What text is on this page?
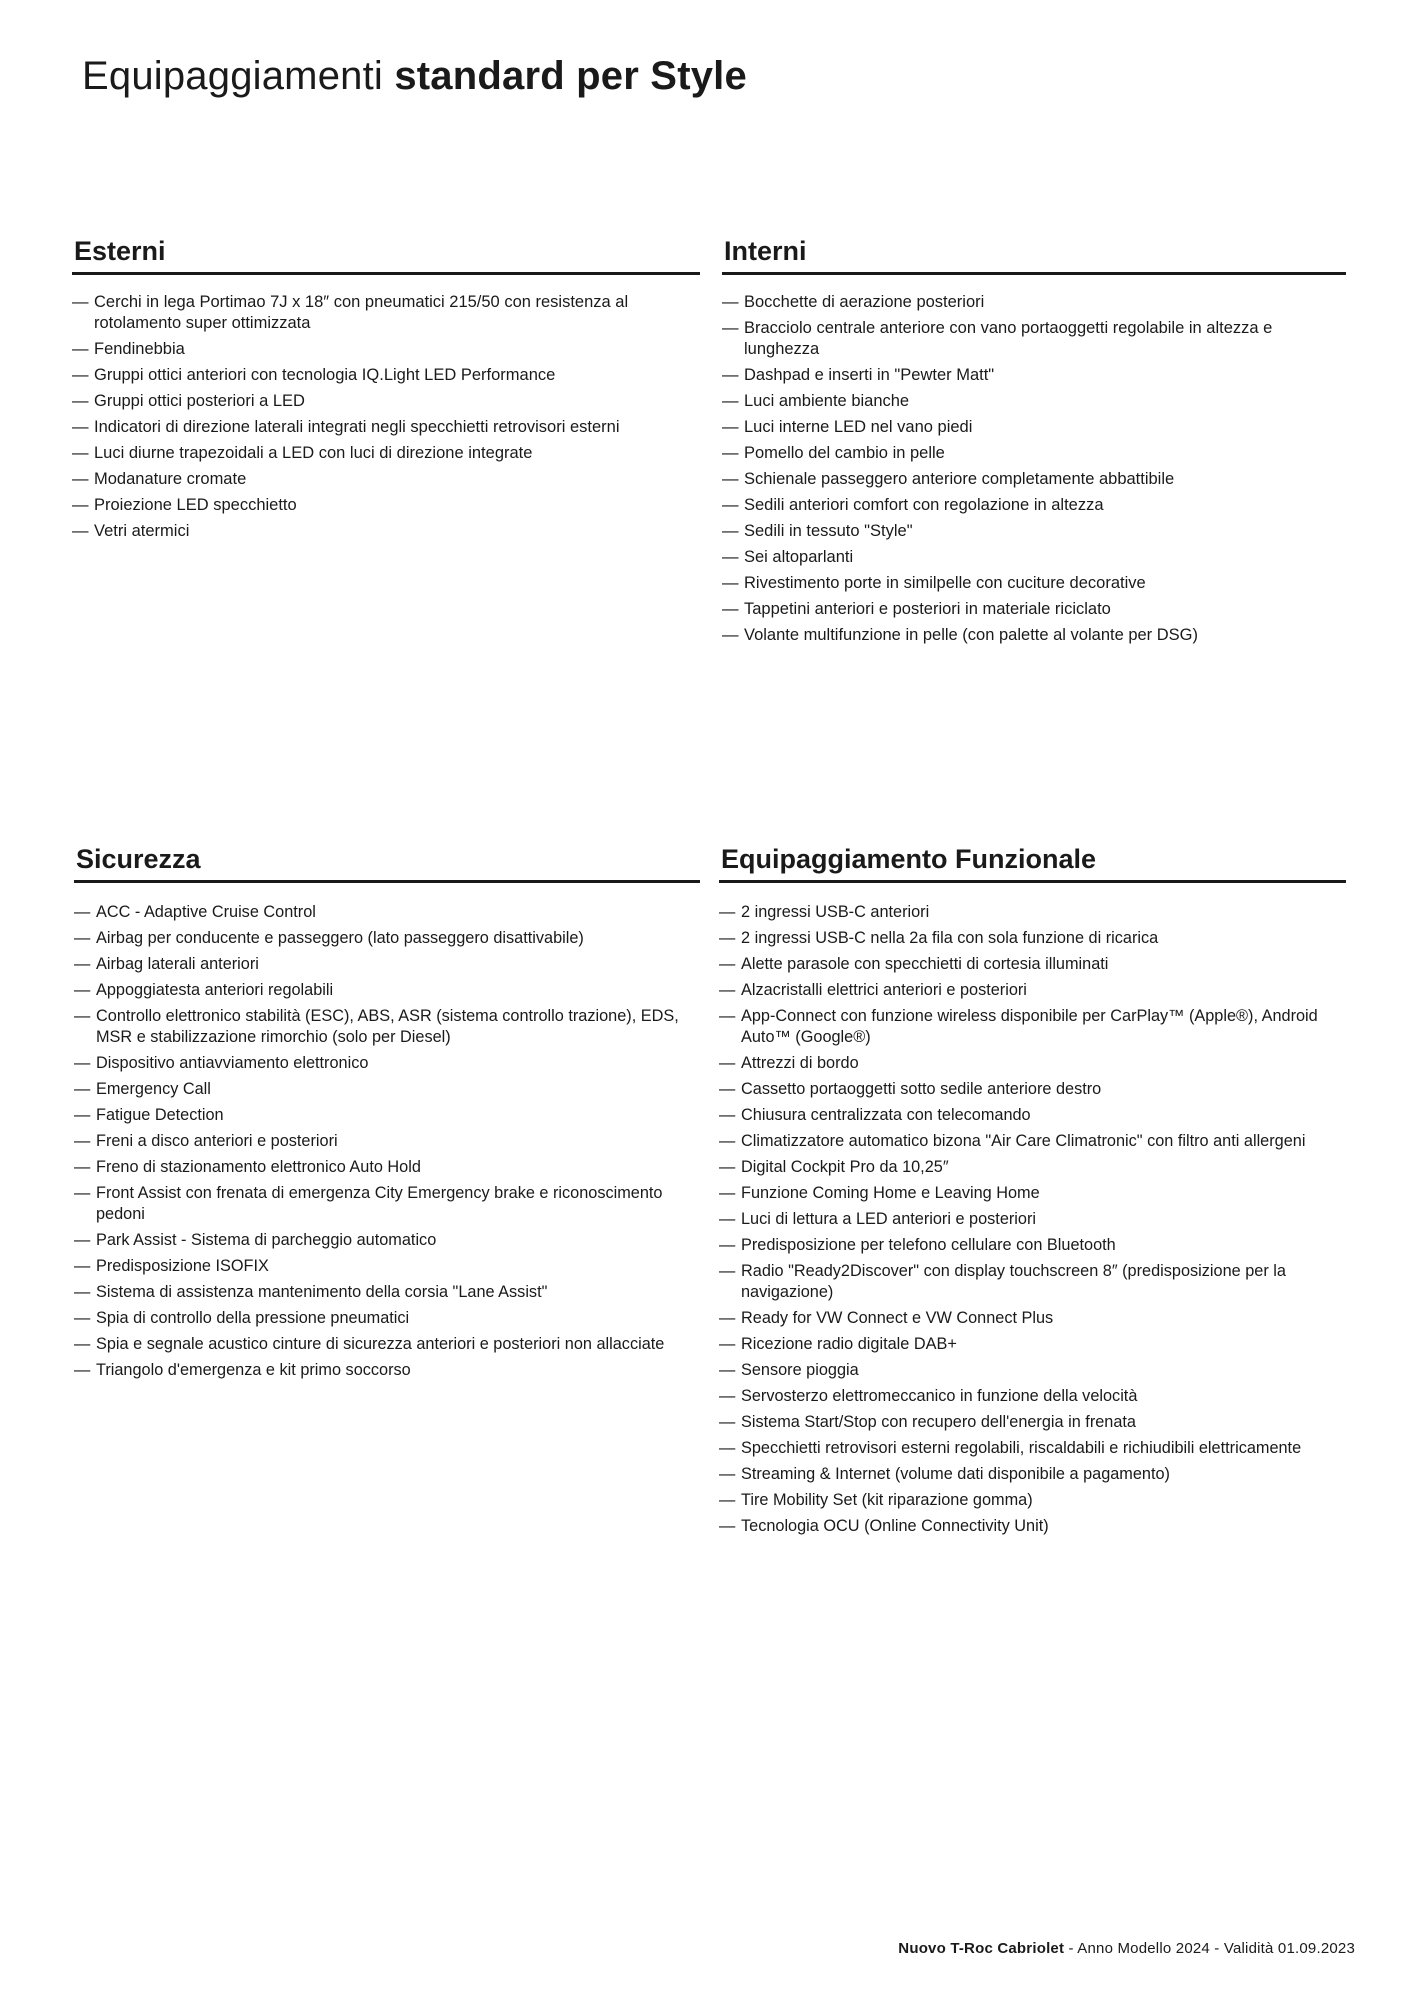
Equipaggiamenti standard per Style
Esterni
— Cerchi in lega Portimao 7J x 18″ con pneumatici 215/50 con resistenza al rotolamento super ottimizzata
— Fendinebbia
— Gruppi ottici anteriori con tecnologia IQ.Light LED Performance
— Gruppi ottici posteriori a LED
— Indicatori di direzione laterali integrati negli specchietti retrovisori esterni
— Luci diurne trapezoidali a LED con luci di direzione integrate
— Modanature cromate
— Proiezione LED specchietto
— Vetri atermici
Interni
— Bocchette di aerazione posteriori
— Bracciolo centrale anteriore con vano portaoggetti regolabile in altezza e lunghezza
— Dashpad e inserti in "Pewter Matt"
— Luci ambiente bianche
— Luci interne LED nel vano piedi
— Pomello del cambio in pelle
— Schienale passeggero anteriore completamente abbattibile
— Sedili anteriori comfort con regolazione in altezza
— Sedili in tessuto "Style"
— Sei altoparlanti
— Rivestimento porte in similpelle con cuciture decorative
— Tappetini anteriori e posteriori in materiale riciclato
— Volante multifunzione in pelle (con palette al volante per DSG)
Sicurezza
— ACC - Adaptive Cruise Control
— Airbag per conducente e passeggero (lato passeggero disattivabile)
— Airbag laterali anteriori
— Appoggiatesta anteriori regolabili
— Controllo elettronico stabilità (ESC), ABS, ASR (sistema controllo trazione), EDS, MSR e stabilizzazione rimorchio (solo per Diesel)
— Dispositivo antiavviamento elettronico
— Emergency Call
— Fatigue Detection
— Freni a disco anteriori e posteriori
— Freno di stazionamento elettronico Auto Hold
— Front Assist con frenata di emergenza City Emergency brake e riconoscimento pedoni
— Park Assist - Sistema di parcheggio automatico
— Predisposizione ISOFIX
— Sistema di assistenza mantenimento della corsia "Lane Assist"
— Spia di controllo della pressione pneumatici
— Spia e segnale acustico cinture di sicurezza anteriori e posteriori non allacciate
— Triangolo d'emergenza e kit primo soccorso
Equipaggiamento Funzionale
— 2 ingressi USB-C anteriori
— 2 ingressi USB-C nella 2a fila con sola funzione di ricarica
— Alette parasole con specchietti di cortesia illuminati
— Alzacristalli elettrici anteriori e posteriori
— App-Connect con funzione wireless disponibile per CarPlay™ (Apple®), Android Auto™ (Google®)
— Attrezzi di bordo
— Cassetto portaoggetti sotto sedile anteriore destro
— Chiusura centralizzata con telecomando
— Climatizzatore automatico bizona "Air Care Climatronic" con filtro anti allergeni
— Digital Cockpit Pro da 10,25″
— Funzione Coming Home e Leaving Home
— Luci di lettura a LED anteriori e posteriori
— Predisposizione per telefono cellulare con Bluetooth
— Radio "Ready2Discover" con display touchscreen 8″ (predisposizione per la navigazione)
— Ready for VW Connect e VW Connect Plus
— Ricezione radio digitale DAB+
— Sensore pioggia
— Servosterzo elettromeccanico in funzione della velocità
— Sistema Start/Stop con recupero dell'energia in frenata
— Specchietti retrovisori esterni regolabili, riscaldabili e richiudibili elettricamente
— Streaming & Internet (volume dati disponibile a pagamento)
— Tire Mobility Set (kit riparazione gomma)
— Tecnologia OCU (Online Connectivity Unit)
Nuovo T-Roc Cabriolet - Anno Modello 2024 - Validità 01.09.2023
